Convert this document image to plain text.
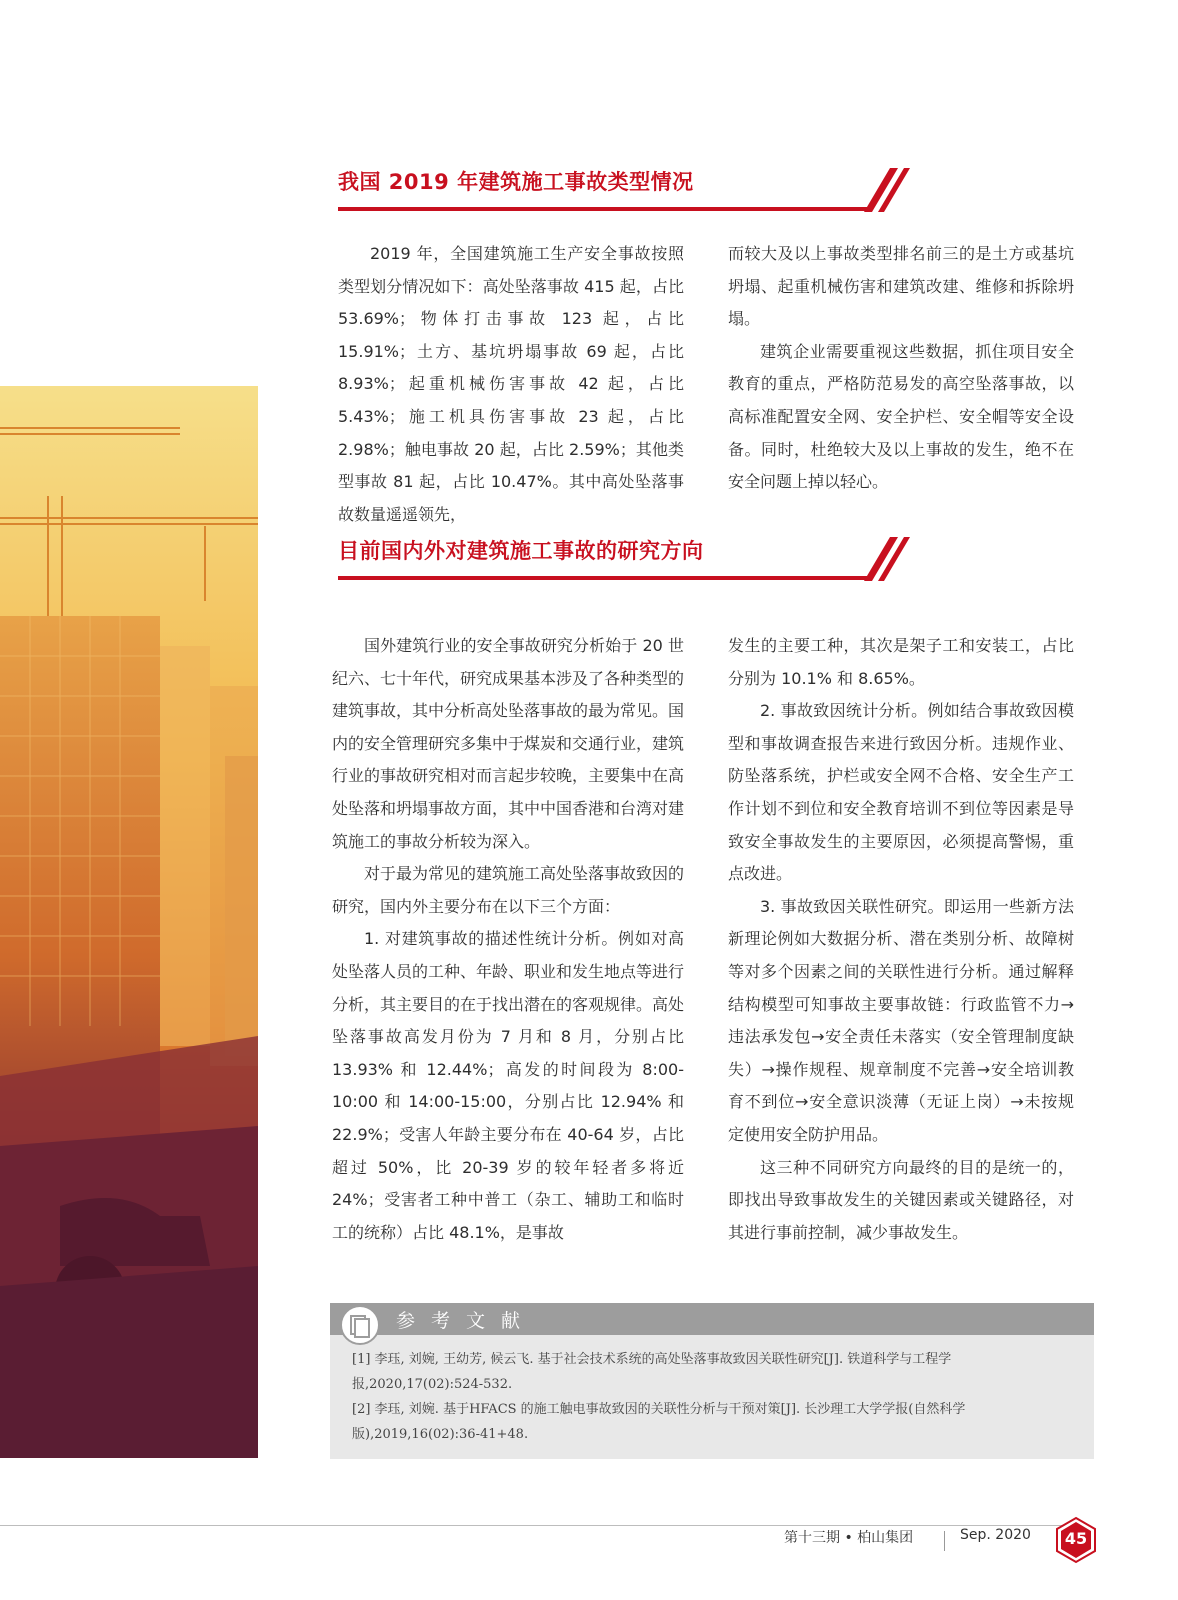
我国 2019 年建筑施工事故类型情况

2019 年，全国建筑施工生产安全事故按照类型划分情况如下：高处坠落事故 415 起，占比 53.69%；物体打击事故 123 起，占比 15.91%；土方、基坑坍塌事故 69 起，占比 8.93%；起重机械伤害事故 42 起，占比 5.43%；施工机具伤害事故 23 起，占比 2.98%；触电事故 20 起，占比 2.59%；其他类型事故 81 起，占比 10.47%。其中高处坠落事故数量遥遥领先，

而较大及以上事故类型排名前三的是土方或基坑坍塌、起重机械伤害和建筑改建、维修和拆除坍塌。

建筑企业需要重视这些数据，抓住项目安全教育的重点，严格防范易发的高空坠落事故，以高标准配置安全网、安全护栏、安全帽等安全设备。同时，杜绝较大及以上事故的发生，绝不在安全问题上掉以轻心。

目前国内外对建筑施工事故的研究方向

国外建筑行业的安全事故研究分析始于 20 世纪六、七十年代，研究成果基本涉及了各种类型的建筑事故，其中分析高处坠落事故的最为常见。国内的安全管理研究多集中于煤炭和交通行业，建筑行业的事故研究相对而言起步较晚，主要集中在高处坠落和坍塌事故方面，其中中国香港和台湾对建筑施工的事故分析较为深入。

对于最为常见的建筑施工高处坠落事故致因的研究，国内外主要分布在以下三个方面：

1. 对建筑事故的描述性统计分析。例如对高处坠落人员的工种、年龄、职业和发生地点等进行分析，其主要目的在于找出潜在的客观规律。高处坠落事故高发月份为 7 月和 8 月，分别占比 13.93% 和 12.44%；高发的时间段为 8:00-10:00 和 14:00-15:00，分别占比 12.94% 和 22.9%；受害人年龄主要分布在 40-64 岁，占比超过 50%，比 20-39 岁的较年轻者多将近 24%；受害者工种中普工（杂工、辅助工和临时工的统称）占比 48.1%，是事故

发生的主要工种，其次是架子工和安装工，占比分别为 10.1% 和 8.65%。

2. 事故致因统计分析。例如结合事故致因模型和事故调查报告来进行致因分析。违规作业、防坠落系统，护栏或安全网不合格、安全生产工作计划不到位和安全教育培训不到位等因素是导致安全事故发生的主要原因，必须提高警惕，重点改进。

3. 事故致因关联性研究。即运用一些新方法新理论例如大数据分析、潜在类别分析、故障树等对多个因素之间的关联性进行分析。通过解释结构模型可知事故主要事故链：行政监管不力→违法承发包→安全责任未落实（安全管理制度缺失）→操作规程、规章制度不完善→安全培训教育不到位→安全意识淡薄（无证上岗）→未按规定使用安全防护用品。

这三种不同研究方向最终的目的是统一的，即找出导致事故发生的关键因素或关键路径，对其进行事前控制，减少事故发生。

参考文献

[1] 李珏, 刘婉, 王幼芳, 候云飞. 基于社会技术系统的高处坠落事故致因关联性研究[J]. 铁道科学与工程学报,2020,17(02):524-532.

[2] 李珏, 刘婉. 基于HFACS 的施工触电事故致因的关联性分析与干预对策[J]. 长沙理工大学学报(自然科学版),2019,16(02):36-41+48.

第十三期 • 柏山集团	Sep. 2020	45
